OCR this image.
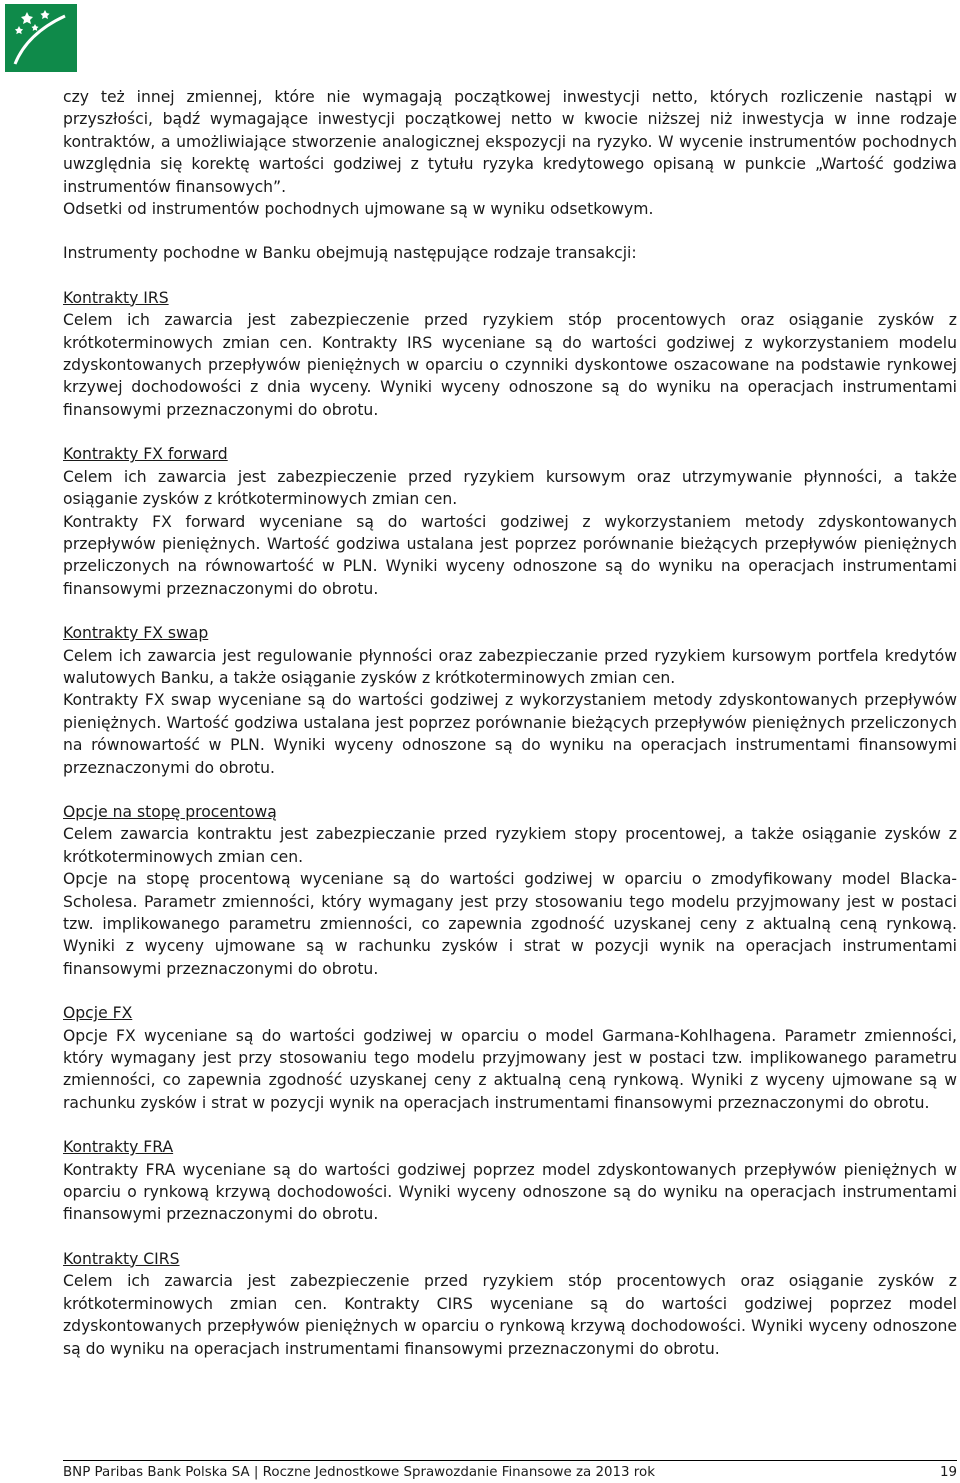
czy też innej zmiennej, które nie wymagają początkowej inwestycji netto, których rozliczenie nastąpi w przyszłości, bądź wymagające inwestycji początkowej netto w kwocie niższej niż inwestycja w inne rodzaje kontraktów, a umożliwiające stworzenie analogicznej ekspozycji na ryzyko. W wycenie instrumentów pochodnych uwzględnia się korektę wartości godziwej z tytułu ryzyka kredytowego opisaną w punkcie „Wartość godziwa instrumentów finansowych”.

Odsetki od instrumentów pochodnych ujmowane są w wyniku odsetkowym.

Instrumenty pochodne w Banku obejmują następujące rodzaje transakcji:

Kontrakty IRS

Celem ich zawarcia jest zabezpieczenie przed ryzykiem stóp procentowych oraz osiąganie zysków z krótkoterminowych zmian cen. Kontrakty IRS wyceniane są do wartości godziwej z wykorzystaniem modelu zdyskontowanych przepływów pieniężnych w oparciu o czynniki dyskontowe oszacowane na podstawie rynkowej krzywej dochodowości z dnia wyceny. Wyniki wyceny odnoszone są do wyniku na operacjach instrumentami finansowymi przeznaczonymi do obrotu.

Kontrakty FX forward

Celem ich zawarcia jest zabezpieczenie przed ryzykiem kursowym oraz utrzymywanie płynności, a także osiąganie zysków z krótkoterminowych zmian cen.

Kontrakty FX forward wyceniane są do wartości godziwej z wykorzystaniem metody zdyskontowanych przepływów pieniężnych. Wartość godziwa ustalana jest poprzez porównanie bieżących przepływów pieniężnych przeliczonych na równowartość w PLN. Wyniki wyceny odnoszone są do wyniku na operacjach instrumentami finansowymi przeznaczonymi do obrotu.

Kontrakty FX swap

Celem ich zawarcia jest regulowanie płynności oraz zabezpieczanie przed ryzykiem kursowym portfela kredytów walutowych Banku, a także osiąganie zysków z krótkoterminowych zmian cen.

Kontrakty FX swap wyceniane są do wartości godziwej z wykorzystaniem metody zdyskontowanych przepływów pieniężnych. Wartość godziwa ustalana jest poprzez porównanie bieżących przepływów pieniężnych przeliczonych na równowartość w PLN. Wyniki wyceny odnoszone są do wyniku na operacjach instrumentami finansowymi przeznaczonymi do obrotu.

Opcje na stopę procentową

Celem zawarcia kontraktu jest zabezpieczanie przed ryzykiem stopy procentowej, a także osiąganie zysków z krótkoterminowych zmian cen.

Opcje na stopę procentową wyceniane są do wartości godziwej w oparciu o zmodyfikowany model Blacka-Scholesa. Parametr zmienności, który wymagany jest przy stosowaniu tego modelu przyjmowany jest w postaci tzw. implikowanego parametru zmienności, co zapewnia zgodność uzyskanej ceny z aktualną ceną rynkową. Wyniki z wyceny ujmowane są w rachunku zysków i strat w pozycji wynik na operacjach instrumentami finansowymi przeznaczonymi do obrotu.

Opcje FX

Opcje FX wyceniane są do wartości godziwej w oparciu o model Garmana-Kohlhagena. Parametr zmienności, który wymagany jest przy stosowaniu tego modelu przyjmowany jest w postaci tzw. implikowanego parametru zmienności, co zapewnia zgodność uzyskanej ceny z aktualną ceną rynkową. Wyniki z wyceny ujmowane są w rachunku zysków i strat w pozycji wynik na operacjach instrumentami finansowymi przeznaczonymi do obrotu.

Kontrakty FRA

Kontrakty FRA wyceniane są do wartości godziwej poprzez model zdyskontowanych przepływów pieniężnych w oparciu o rynkową krzywą dochodowości. Wyniki wyceny odnoszone są do wyniku na operacjach instrumentami finansowymi przeznaczonymi do obrotu.

Kontrakty CIRS

Celem ich zawarcia jest zabezpieczenie przed ryzykiem stóp procentowych oraz osiąganie zysków z krótkoterminowych zmian cen. Kontrakty CIRS wyceniane są do wartości godziwej poprzez model zdyskontowanych przepływów pieniężnych w oparciu o rynkową krzywą dochodowości. Wyniki wyceny odnoszone są do wyniku na operacjach instrumentami finansowymi przeznaczonymi do obrotu.

BNP Paribas Bank Polska SA | Roczne Jednostkowe Sprawozdanie Finansowe za 2013 rok	19
